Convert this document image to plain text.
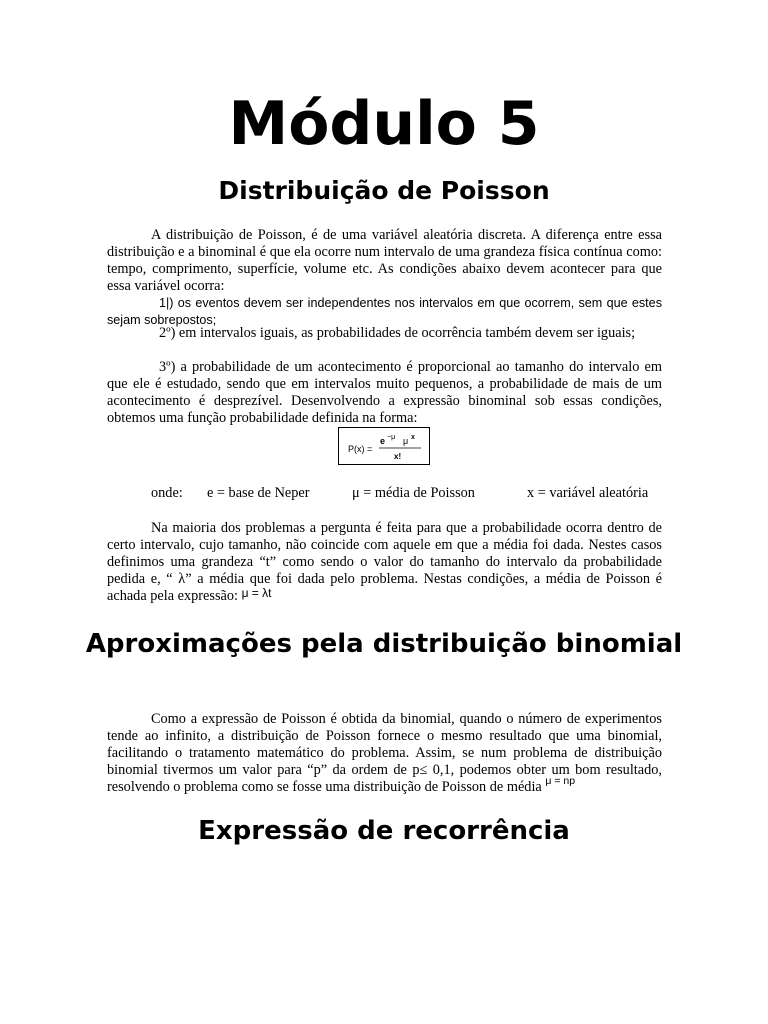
Módulo 5
Distribuição de Poisson

A distribuição de Poisson, é de uma variável aleatória discreta. A diferença entre essa distribuição e a binominal é que ela ocorre num intervalo de uma grandeza física contínua como: tempo, comprimento, superfície, volume etc. As condições abaixo devem acontecer para que essa variável ocorra:

1|) os eventos devem ser independentes nos intervalos em que ocorrem, sem que estes sejam sobrepostos;

2º) em intervalos iguais, as probabilidades de ocorrência também devem ser iguais;

3º) a probabilidade de um acontecimento é proporcional ao tamanho do intervalo em que ele é estudado, sendo que em intervalos muito pequenos, a probabilidade de mais de um acontecimento é desprezível. Desenvolvendo a expressão binominal sob essas condições, obtemos uma função probabilidade definida na forma:

P(x) =
e −μ μ x
x!
onde: e = base de Neper	μ = média de Poisson	x = variável aleatória

Na maioria dos problemas a pergunta é feita para que a probabilidade ocorra dentro de certo intervalo, cujo tamanho, não coincide com aquele em que a média foi dada. Nestes casos definimos uma grandeza “t” como sendo o valor do tamanho do intervalo da probabilidade pedida e, “ λ” a média que foi dada pelo problema. Nestas condições, a média de Poisson é achada pela expressão: $^{\mu = \lambda t}$

Aproximações pela distribuição binomial

Como a expressão de Poisson é obtida da binomial, quando o número de experimentos tende ao infinito, a distribuição de Poisson fornece o mesmo resultado que uma binomial, facilitando o tratamento matemático do problema. Assim, se num problema de distribuição binomial tivermos um valor para “p” da ordem de p≤ 0,1, podemos obter um bom resultado, resolvendo o problema como se fosse uma distribuição de Poisson de média $^{\mu = np}$

Expressão de recorrência
